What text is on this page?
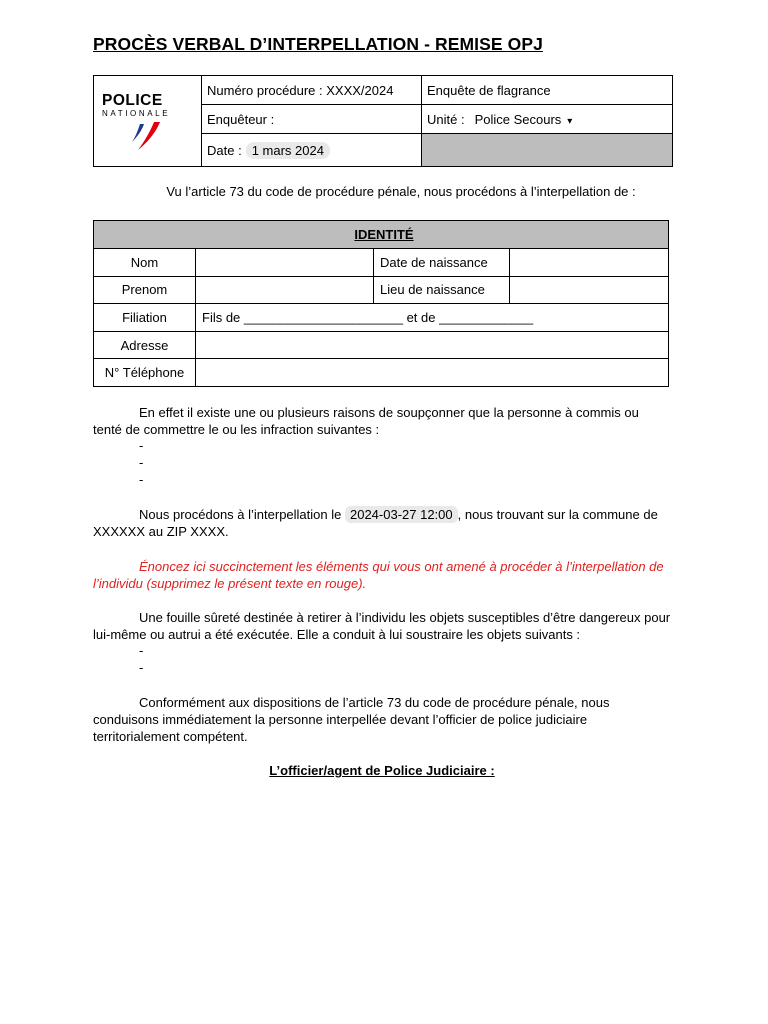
PROCÈS VERBAL D’INTERPELLATION - REMISE OPJ
POLICE
NATIONALE
Numéro procédure : XXXX/2024	Enquête de flagrance
Enquêteur :	Unité : Police Secours ▾
Date : 1 mars 2024
Vu l’article 73 du code de procédure pénale, nous procédons à l’interpellation de :
IDENTITÉ			
Nom		Date de naissance	
Prenom		Lieu de naissance	
Filiation	Fils de ______________________ et de _____________		
Adresse			
N° Téléphone			
En effet il existe une ou plusieurs raisons de soupçonner que la personne à commis ou tenté de commettre le ou les infraction suivantes :
-
-
-
Nous procédons à l’interpellation le 2024-03-27 12:00 , nous trouvant sur la commune de XXXXXX au ZIP XXXX.
Énoncez ici succinctement les éléments qui vous ont amené à procéder à l’interpellation de l’individu (supprimez le présent texte en rouge).
Une fouille sûreté destinée à retirer à l’individu les objets susceptibles d’être dangereux pour lui-même ou autrui a été exécutée. Elle a conduit à lui soustraire les objets suivants :
-
-
Conformément aux dispositions de l’article 73 du code de procédure pénale, nous conduisons immédiatement la personne interpellée devant l’officier de police judiciaire territorialement compétent.
L’officier/agent de Police Judiciaire :
